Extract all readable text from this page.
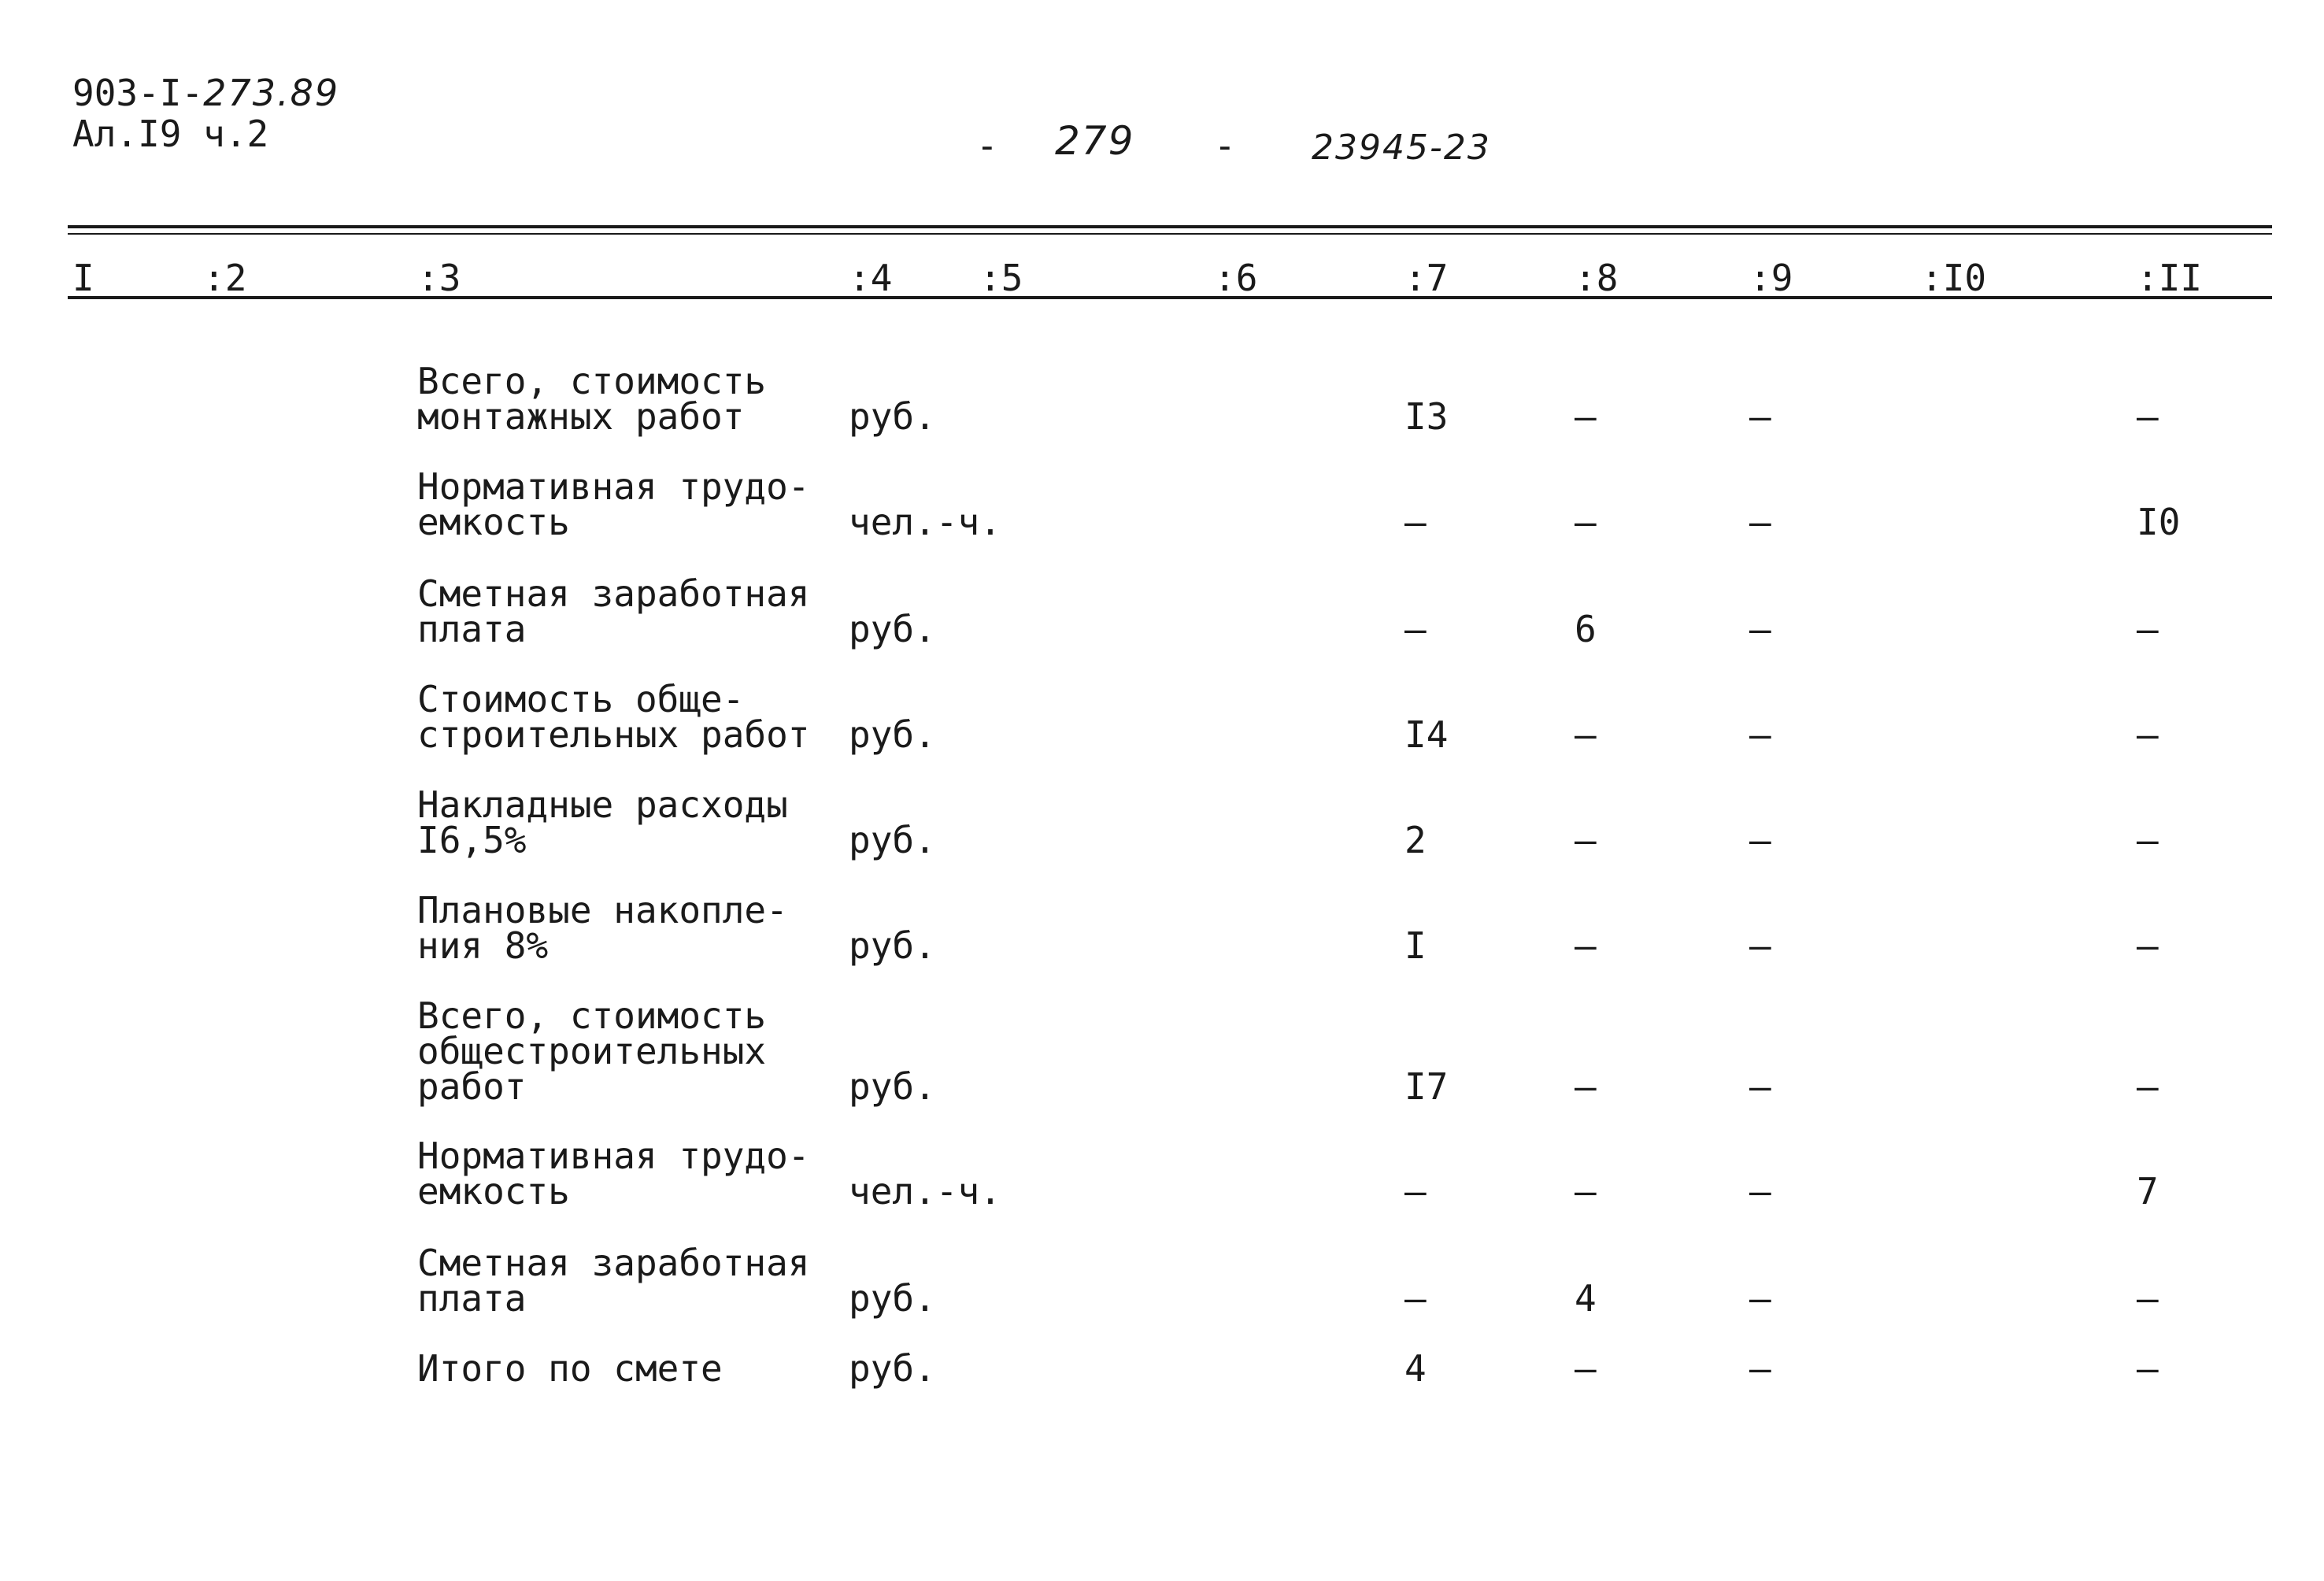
903-I-273.89
Ал.I9 ч.2	- 279 - 23945-23
I	:2	:3	:4 :5	:6	:7	:8	:9	:I0	:II
Всего, стоимость
монтажных работ	руб.	I3	–	–	–
Нормативная трудо-
емкость	чел.-ч.	–	–	–	I0
Сметная заработная
плата	руб.	–	6	–	–
Стоимость обще-
строительных работ руб.	I4	–	–	–
Накладные расходы
I6,5%	руб.	2	–	–	–
Плановые накопле-
ния 8%	руб.	I	–	–	–
Всего, стоимость
общестроительных
работ	руб.	I7	–	–	–
Нормативная трудо-
емкость	чел.-ч.	–	–	–	7
Сметная заработная
плата	руб.	–	4	–	–
Итого по смете	руб.	4	–	–	–
